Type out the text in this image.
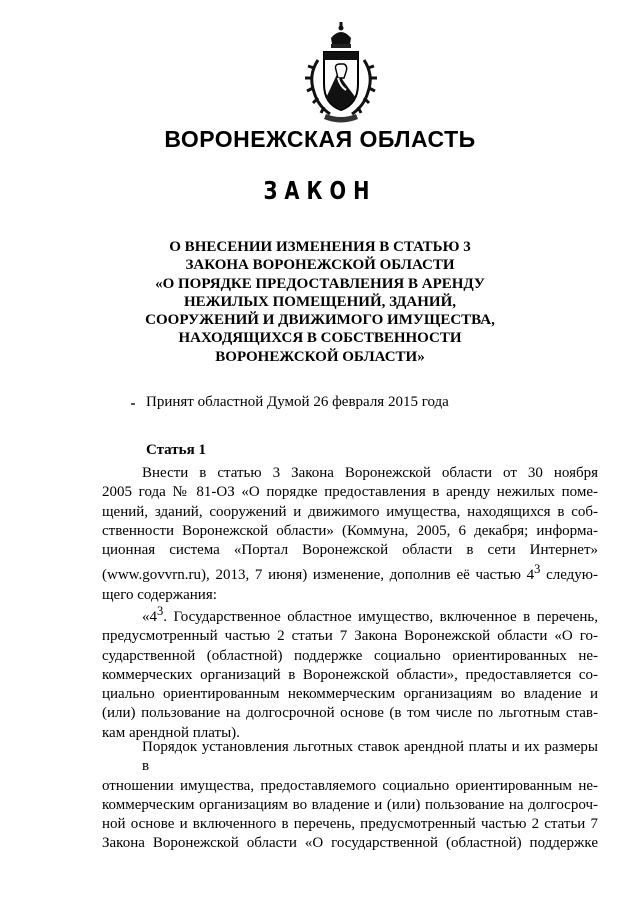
ВОРОНЕЖСКАЯ ОБЛАСТЬ
ЗАКОН
О ВНЕСЕНИИ ИЗМЕНЕНИЯ В СТАТЬЮ 3
ЗАКОНА ВОРОНЕЖСКОЙ ОБЛАСТИ
«О ПОРЯДКЕ ПРЕДОСТАВЛЕНИЯ В АРЕНДУ
НЕЖИЛЫХ ПОМЕЩЕНИЙ, ЗДАНИЙ,
СООРУЖЕНИЙ И ДВИЖИМОГО ИМУЩЕСТВА,
НАХОДЯЩИХСЯ В СОБСТВЕННОСТИ
ВОРОНЕЖСКОЙ ОБЛАСТИ»

Принят областной Думой 26 февраля 2015 года

Статья 1

Внести в статью 3 Закона Воронежской области от 30 ноября
2005 года № 81-ОЗ «О порядке предоставления в аренду нежилых поме-
щений, зданий, сооружений и движимого имущества, находящихся в соб-
ственности Воронежской области» (Коммуна, 2005, 6 декабря; информа-
ционная система «Портал Воронежской области в сети Интернет»
(www.govvrn.ru), 2013, 7 июня) изменение, дополнив её частью $4^3$ следую-
щего содержания:
«$4^3$. Государственное областное имущество, включенное в перечень,
предусмотренный частью 2 статьи 7 Закона Воронежской области «О го-
сударственной (областной) поддержке социально ориентированных не-
коммерческих организаций в Воронежской области», предоставляется со-
циально ориентированным некоммерческим организациям во владение и
(или) пользование на долгосрочной основе (в том числе по льготным став-
кам арендной платы).
Порядок установления льготных ставок арендной платы и их размеры в
отношении имущества, предоставляемого социально ориентированным не-
коммерческим организациям во владение и (или) пользование на долгосроч-
ной основе и включенного в перечень, предусмотренный частью 2 статьи 7
Закона Воронежской области «О государственной (областной) поддержке
